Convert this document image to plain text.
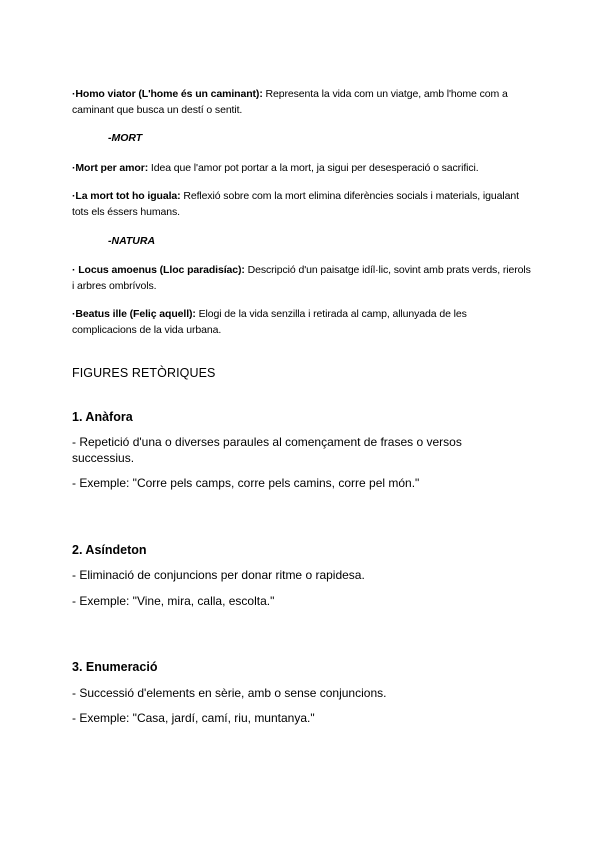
·Homo viator (L'home és un caminant): Representa la vida com un viatge, amb l'home com a caminant que busca un destí o sentit.
-MORT
·Mort per amor: Idea que l'amor pot portar a la mort, ja sigui per desesperació o sacrifici.
·La mort tot ho iguala: Reflexió sobre com la mort elimina diferències socials i materials, igualant tots els éssers humans.
-NATURA
· Locus amoenus (Lloc paradisíac): Descripció d'un paisatge idíl·lic, sovint amb prats verds, rierols i arbres ombrívols.
·Beatus ille (Feliç aquell): Elogi de la vida senzilla i retirada al camp, allunyada de les complicacions de la vida urbana.
FIGURES RETÒRIQUES
1. Anàfora
- Repetició d'una o diverses paraules al començament de frases o versos successius.
- Exemple: "Corre pels camps, corre pels camins, corre pel món."
2. Asíndeton
- Eliminació de conjuncions per donar ritme o rapidesa.
- Exemple: "Vine, mira, calla, escolta."
3. Enumeració
- Successió d'elements en sèrie, amb o sense conjuncions.
- Exemple: "Casa, jardí, camí, riu, muntanya."
